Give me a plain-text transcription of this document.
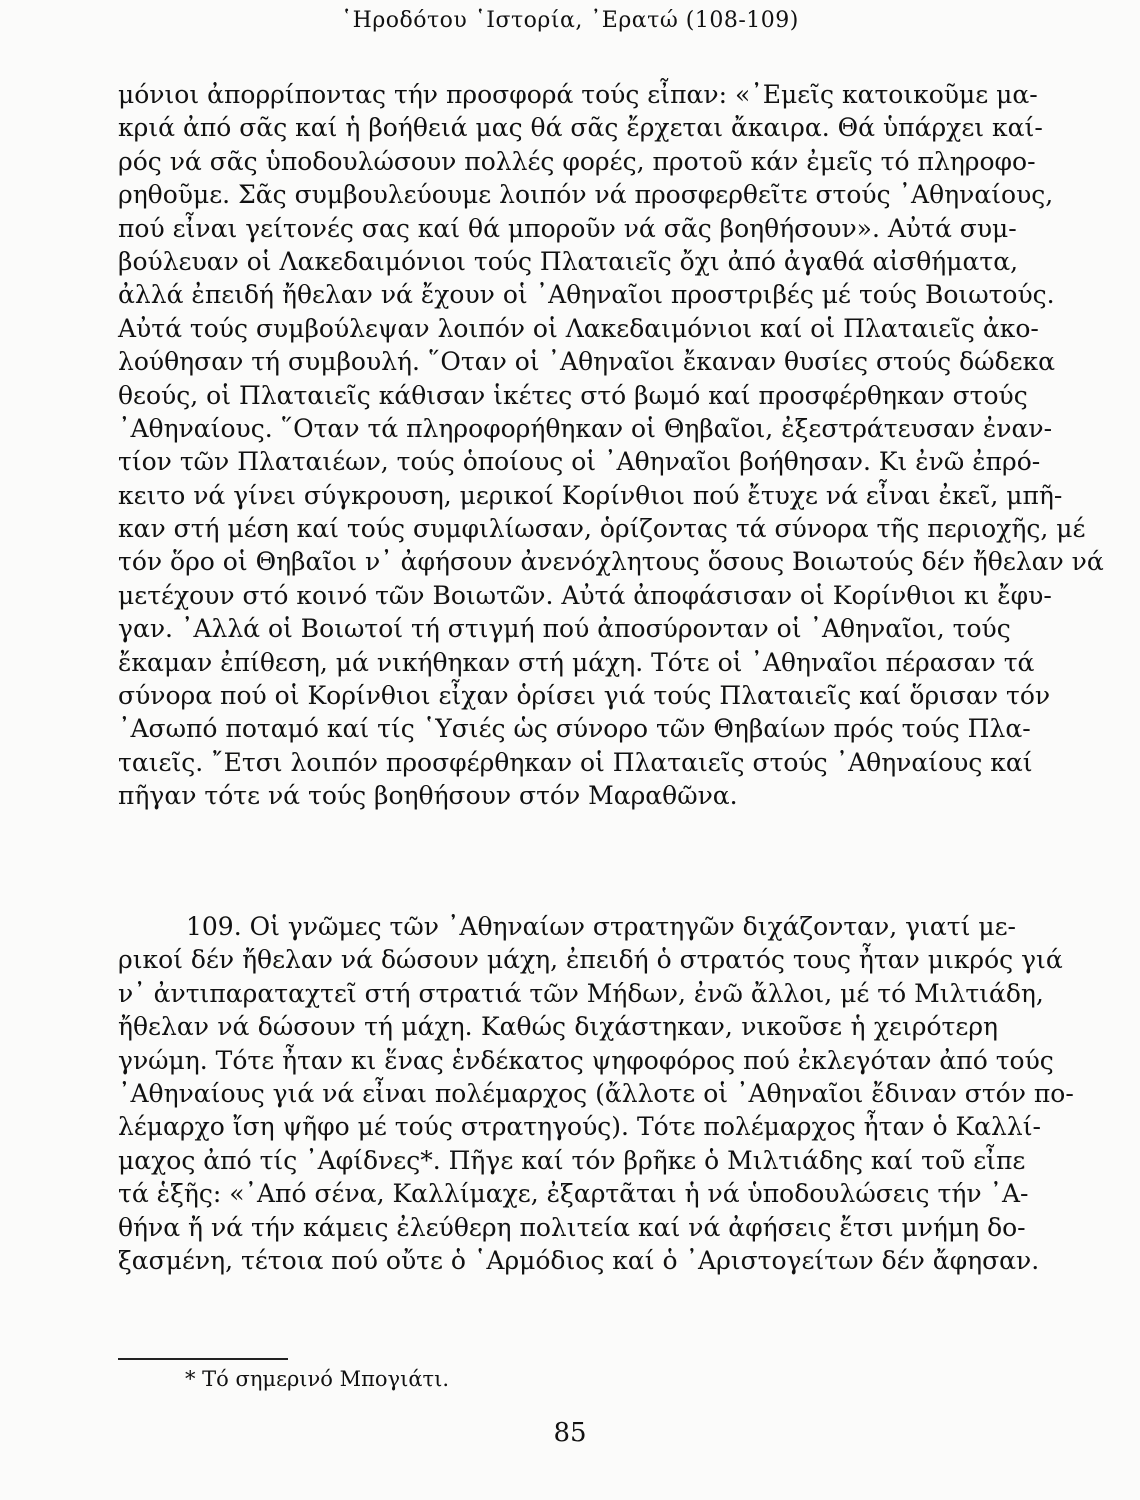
῾Ηροδότου ῾Ιστορία, ᾿Ερατώ (108-109)
μόνιοι ἀπορρίποντας τήν προσφορά τούς εἶπαν: «᾿Εμεῖς κατοικοῦμε μα-
κριά ἀπό σᾶς καί ἡ βοήθειά μας θά σᾶς ἔρχεται ἄκαιρα. Θά ὑπάρχει καί-
ρός νά σᾶς ὑποδουλώσουν πολλές φορές, προτοῦ κάν ἐμεῖς τό πληροφο-
ρηθοῦμε. Σᾶς συμβουλεύουμε λοιπόν νά προσφερθεῖτε στούς ᾿Αθηναίους,
πού εἶναι γείτονές σας καί θά μποροῦν νά σᾶς βοηθήσουν». Αὐτά συμ-
βούλευαν οἱ Λακεδαιμόνιοι τούς Πλαταιεῖς ὄχι ἀπό ἀγαθά αἰσθήματα,
ἀλλά ἐπειδή ἤθελαν νά ἔχουν οἱ ᾿Αθηναῖοι προστριβές μέ τούς Βοιωτούς.
Αὐτά τούς συμβούλεψαν λοιπόν οἱ Λακεδαιμόνιοι καί οἱ Πλαταιεῖς ἀκο-
λούθησαν τή συμβουλή. ῞Οταν οἱ ᾿Αθηναῖοι ἔκαναν θυσίες στούς δώδεκα
θεούς, οἱ Πλαταιεῖς κάθισαν ἱκέτες στό βωμό καί προσφέρθηκαν στούς
᾿Αθηναίους. ῞Οταν τά πληροφορήθηκαν οἱ Θηβαῖοι, ἐξεστράτευσαν ἐναν-
τίον τῶν Πλαταιέων, τούς ὁποίους οἱ ᾿Αθηναῖοι βοήθησαν. Κι ἐνῶ ἐπρό-
κειτο νά γίνει σύγκρουση, μερικοί Κορίνθιοι πού ἔτυχε νά εἶναι ἐκεῖ, μπῆ-
καν στή μέση καί τούς συμφιλίωσαν, ὁρίζοντας τά σύνορα τῆς περιοχῆς, μέ
τόν ὅρο οἱ Θηβαῖοι ν᾿ ἀφήσουν ἀνενόχλητους ὅσους Βοιωτούς δέν ἤθελαν νά
μετέχουν στό κοινό τῶν Βοιωτῶν. Αὐτά ἀποφάσισαν οἱ Κορίνθιοι κι ἔφυ-
γαν. ᾿Αλλά οἱ Βοιωτοί τή στιγμή πού ἀποσύρονταν οἱ ᾿Αθηναῖοι, τούς
ἔκαμαν ἐπίθεση, μά νικήθηκαν στή μάχη. Τότε οἱ ᾿Αθηναῖοι πέρασαν τά
σύνορα πού οἱ Κορίνθιοι εἶχαν ὁρίσει γιά τούς Πλαταιεῖς καί ὅρισαν τόν
᾿Ασωπό ποταμό καί τίς ῾Υσιές ὡς σύνορο τῶν Θηβαίων πρός τούς Πλα-
ταιεῖς. ῎Ετσι λοιπόν προσφέρθηκαν οἱ Πλαταιεῖς στούς ᾿Αθηναίους καί
πῆγαν τότε νά τούς βοηθήσουν στόν Μαραθῶνα.
109. Οἱ γνῶμες τῶν ᾿Αθηναίων στρατηγῶν διχάζονταν, γιατί με-
ρικοί δέν ἤθελαν νά δώσουν μάχη, ἐπειδή ὁ στρατός τους ἦταν μικρός γιά
ν᾿ ἀντιπαραταχτεῖ στή στρατιά τῶν Μήδων, ἐνῶ ἄλλοι, μέ τό Μιλτιάδη,
ἤθελαν νά δώσουν τή μάχη. Καθώς διχάστηκαν, νικοῦσε ἡ χειρότερη
γνώμη. Τότε ἦταν κι ἕνας ἑνδέκατος ψηφοφόρος πού ἐκλεγόταν ἀπό τούς
᾿Αθηναίους γιά νά εἶναι πολέμαρχος (ἄλλοτε οἱ ᾿Αθηναῖοι ἔδιναν στόν πο-
λέμαρχο ἴση ψῆφο μέ τούς στρατηγούς). Τότε πολέμαρχος ἦταν ὁ Καλλί-
μαχος ἀπό τίς ᾿Αφίδνες*. Πῆγε καί τόν βρῆκε ὁ Μιλτιάδης καί τοῦ εἶπε
τά ἑξῆς: «᾿Από σένα, Καλλίμαχε, ἐξαρτᾶται ἡ νά ὑποδουλώσεις τήν ᾿Α-
θήνα ἤ νά τήν κάμεις ἐλεύθερη πολιτεία καί νά ἀφήσεις ἔτσι μνήμη δο-
ξασμένη, τέτοια πού οὔτε ὁ ῾Αρμόδιος καί ὁ ᾿Αριστογείτων δέν ἄφησαν.
* Τό σημερινό Μπογιάτι.
85
